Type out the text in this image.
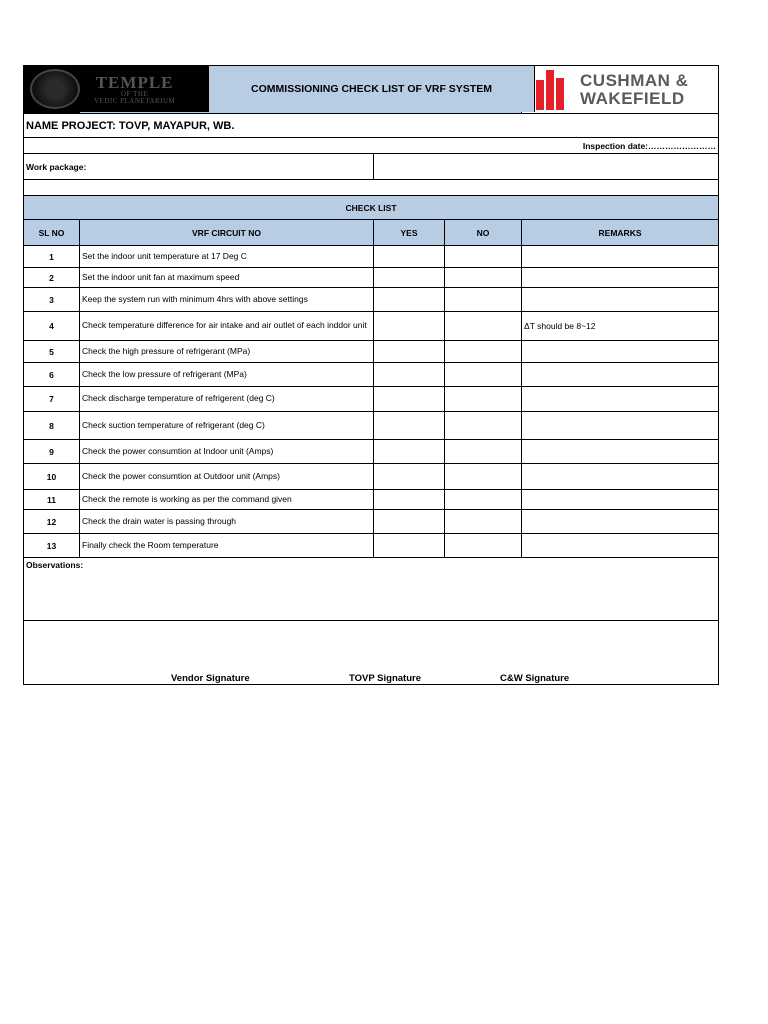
				CUSHMAN &
WAKEFIELD

NAME PROJECT: TOVP, MAYAPUR, WB.				
Inspection date:……………………				
Work package:				

CHECK LIST				
SL NO	VRF CIRCUIT NO	YES	NO	REMARKS
1	Set the indoor unit temperature at 17 Deg C			
2	Set the indoor unit fan at maximum speed			
3	Keep the system run with minimum 4hrs with above settings			
4	Check temperature difference for air intake and air outlet of each inddor unit			ΔT should be 8~12
5	Check the high pressure of refrigerant (MPa)			
6	Check the low pressure of refrigerant (MPa)			
7	Check discharge temperature of refrigerent (deg C)			
8	Check suction temperature of refrigerant (deg C)			
9	Check the power consumtion at Indoor unit (Amps)			
10	Check the power consumtion at Outdoor unit (Amps)			
11	Check the remote is working as per the command given			
12	Check the drain water is passing through			
13	Finally check the Room temperature			
Observations:				

TEMPLE
OF THE
VEDIC PLANETARIUM
COMMISSIONING CHECK LIST OF VRF SYSTEM
Vendor Signature	TOVP Signature	C&W Signature
